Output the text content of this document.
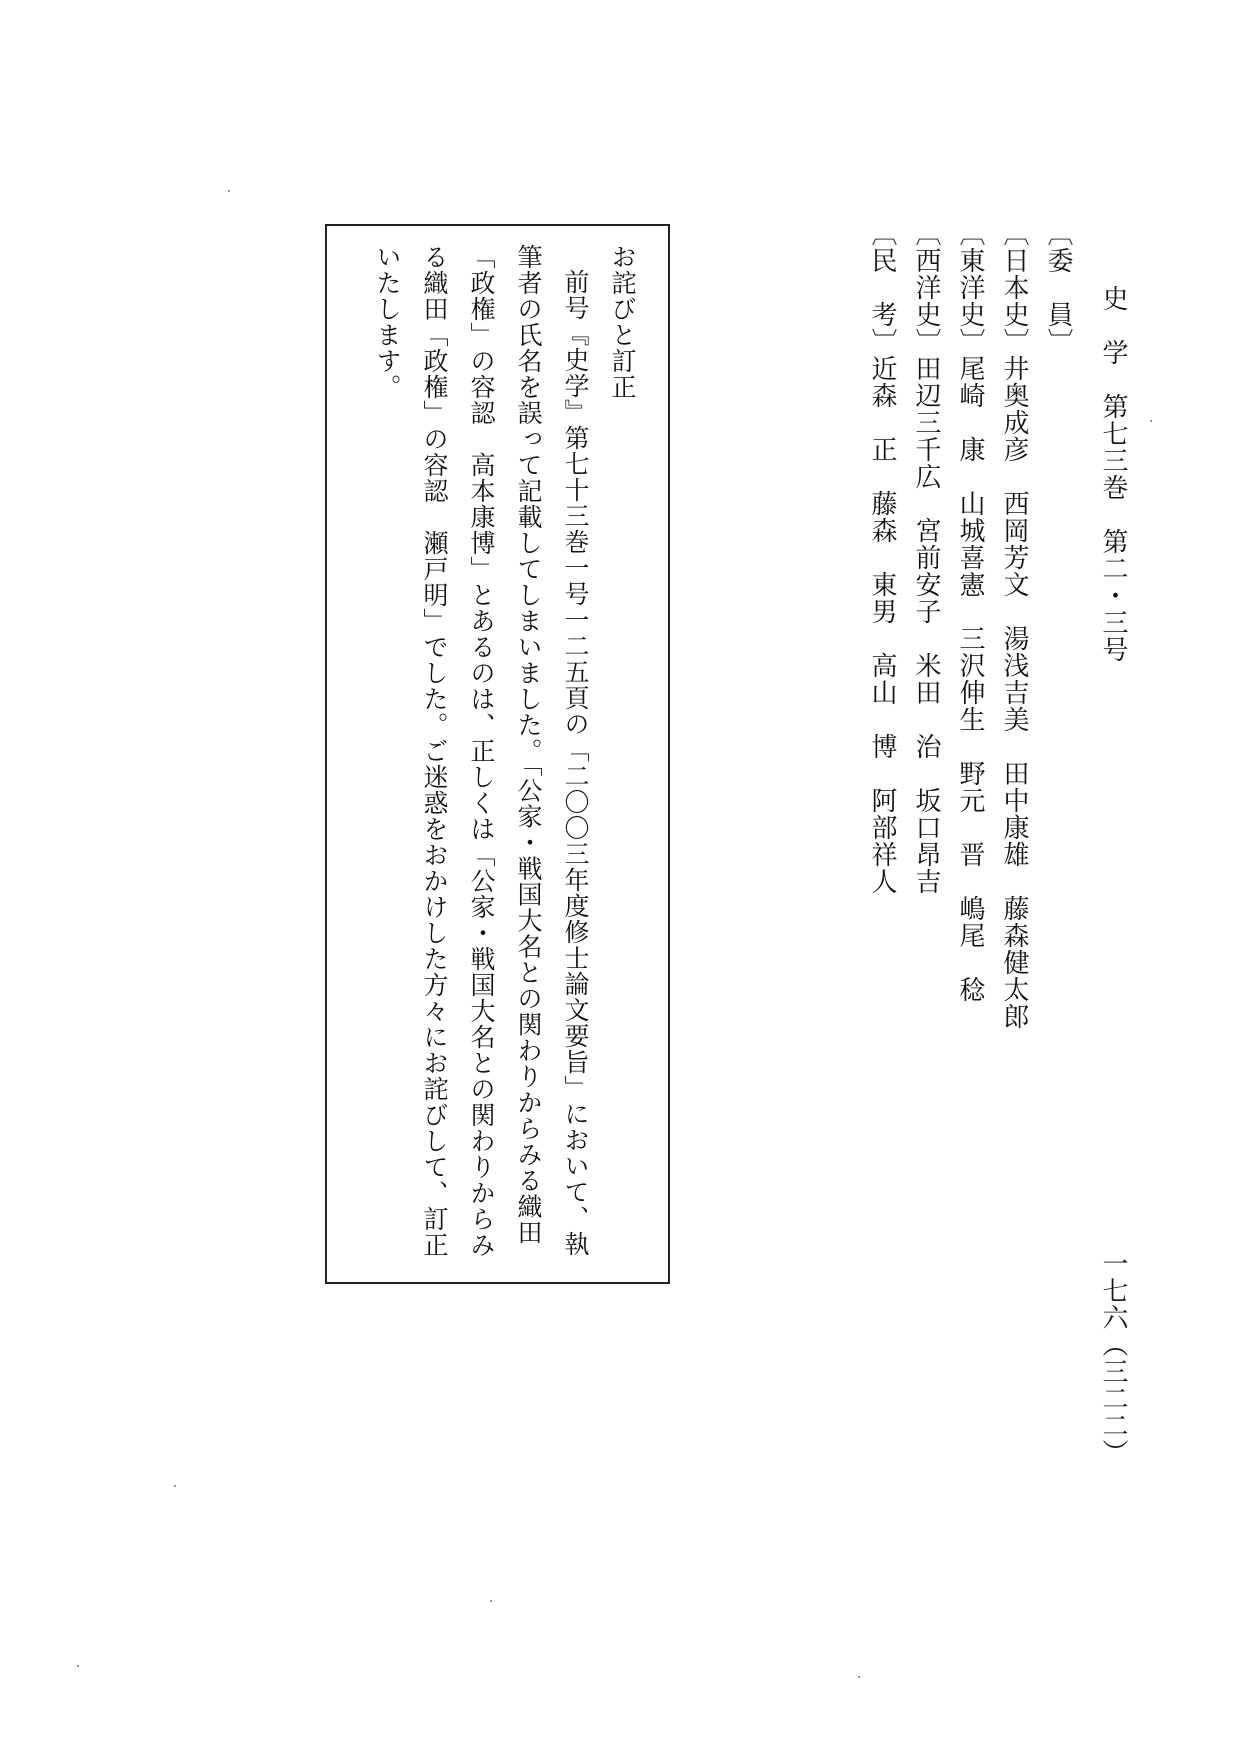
史　学　第七三巻　第二・三号
一七六（三二二）
〔委　員〕
〔日本史〕井奥成彦　西岡芳文　湯浅吉美　田中康雄　藤森健太郎
〔東洋史〕尾崎　康　山城喜憲　三沢伸生　野元　晋　嶋尾　稔
〔西洋史〕田辺三千広　宮前安子　米田　治　坂口昂吉
〔民　考〕近森　正　藤森　東男　高山　博　阿部祥人

お詫びと訂正

前号『史学』第七十三巻一号一二五頁の「二〇〇三年度修士論文要旨」において、執筆者の氏名を誤って記載してしまいました。「公家・戦国大名との関わりからみる織田「政権」の容認　高本康博」とあるのは、正しくは「公家・戦国大名との関わりからみる織田「政権」の容認　瀬戸明」でした。ご迷惑をおかけした方々にお詫びして、訂正いたします。
